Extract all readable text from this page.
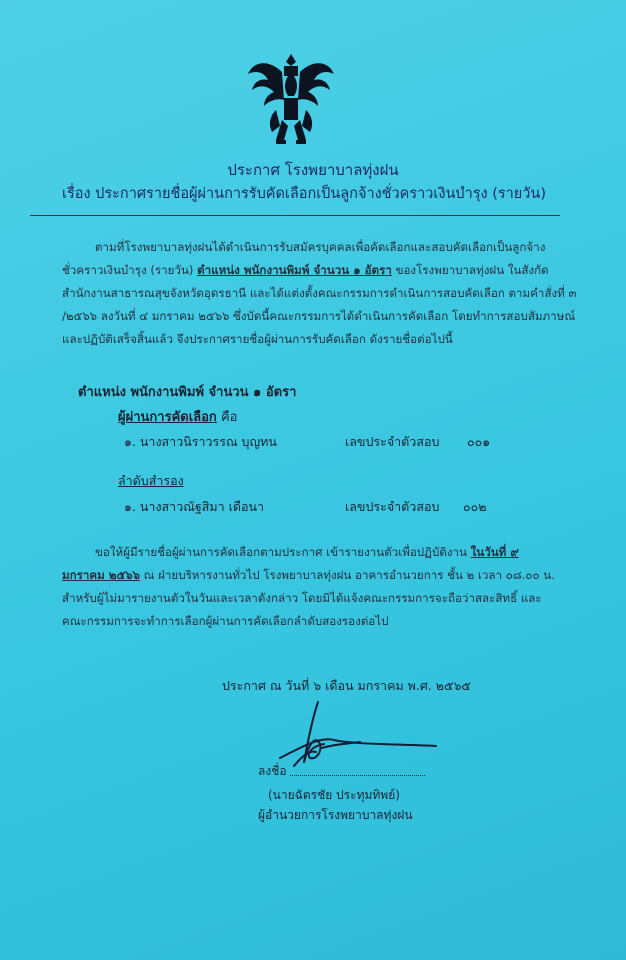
ประกาศ โรงพยาบาลทุ่งฝน
เรื่อง ประกาศรายชื่อผู้ผ่านการรับคัดเลือกเป็นลูกจ้างชั่วคราวเงินบำรุง (รายวัน)
ตามที่โรงพยาบาลทุ่งฝนได้ดำเนินการรับสมัครบุคคลเพื่อคัดเลือกและสอบคัดเลือกเป็นลูกจ้าง
ชั่วคราวเงินบำรุง (รายวัน) ตำแหน่ง พนักงานพิมพ์ จำนวน ๑ อัตรา ของโรงพยาบาลทุ่งฝน ในสังกัด
สำนักงานสาธารณสุขจังหวัดอุดรธานี และได้แต่งตั้งคณะกรรมการดำเนินการสอบคัดเลือก ตามคำสั่งที่ ๓
/๒๕๖๖ ลงวันที่ ๔ มกราคม ๒๕๖๖ ซึ่งบัดนี้คณะกรรมการได้ดำเนินการคัดเลือก โดยทำการสอบสัมภาษณ์
และปฏิบัติเสร็จสิ้นแล้ว จึงประกาศรายชื่อผู้ผ่านการรับคัดเลือก ดังรายชื่อต่อไปนี้
ตำแหน่ง พนักงานพิมพ์ จำนวน ๑ อัตรา
ผู้ผ่านการคัดเลือก คือ
๑. นางสาวนิราวรรณ บุญทน	เลขประจำตัวสอบ ๐๐๑
ลำดับสำรอง
๑. นางสาวณัฐสิมา เดือนา	เลขประจำตัวสอบ ๐๐๒
ขอให้ผู้มีรายชื่อผู้ผ่านการคัดเลือกตามประกาศ เข้ารายงานตัวเพื่อปฏิบัติงาน ในวันที่ ๙
มกราคม ๒๕๖๖ ณ ฝ่ายบริหารงานทั่วไป โรงพยาบาลทุ่งฝน อาคารอำนวยการ ชั้น ๒ เวลา ๐๘.๐๐ น.
สำหรับผู้ไม่มารายงานตัวในวันและเวลาดังกล่าว โดยมิได้แจ้งคณะกรรมการจะถือว่าสละสิทธิ์ และ
คณะกรรมการจะทำการเลือกผู้ผ่านการคัดเลือกลำดับสองรองต่อไป
ประกาศ ณ วันที่ ๖ เดือน มกราคม พ.ศ. ๒๕๖๕
ลงชื่อ
(นายฉัตรชัย ประทุมทิพย์)
ผู้อำนวยการโรงพยาบาลทุ่งฝน
